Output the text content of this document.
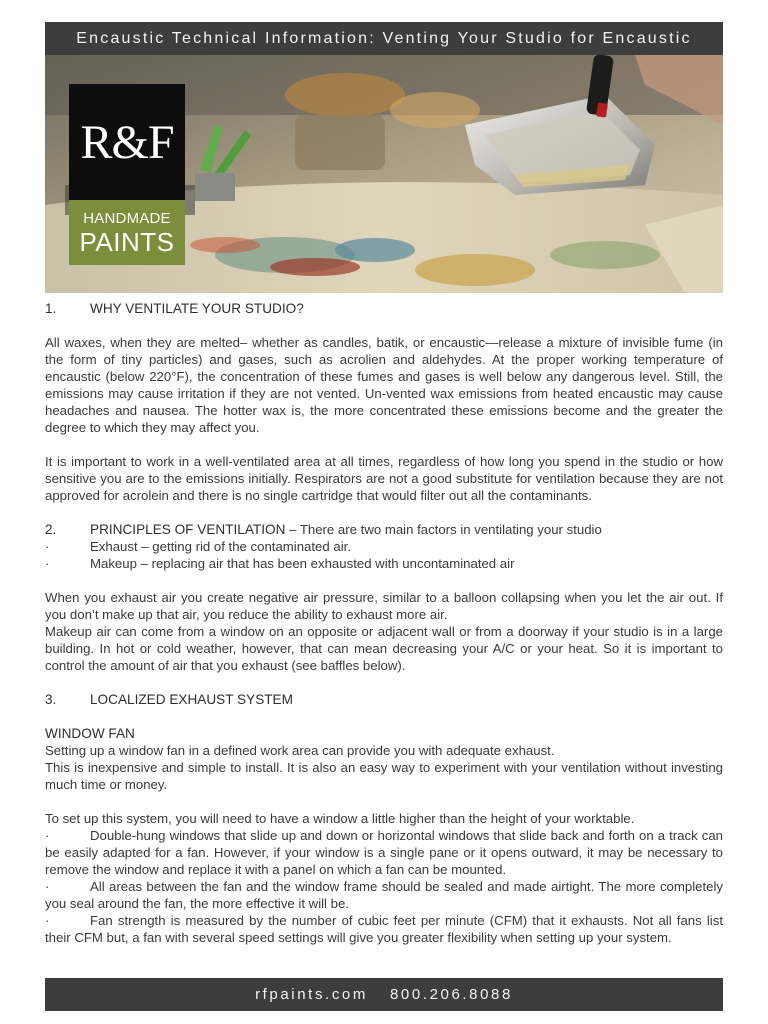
Encaustic Technical Information: Venting Your Studio for Encaustic
R&F
HANDMADE
PAINTS
1.	WHY VENTILATE YOUR STUDIO?

All waxes, when they are melted– whether as candles, batik, or encaustic—release a mixture of invisible fume (in the form of tiny particles) and gases, such as acrolien and aldehydes. At the proper working temperature of encaustic (below 220°F), the concentration of these fumes and gases is well below any dangerous level. Still, the emissions may cause irritation if they are not vented. Un-vented wax emissions from heated encaustic may cause headaches and nausea. The hotter wax is, the more concentrated these emissions become and the greater the degree to which they may affect you.

It is important to work in a well-ventilated area at all times, regardless of how long you spend in the studio or how sensitive you are to the emissions initially. Respirators are not a good substitute for ventilation because they are not approved for acrolein and there is no single cartridge that would filter out all the contaminants.

2.	PRINCIPLES OF VENTILATION – There are two main factors in ventilating your studio
·	Exhaust – getting rid of the contaminated air.
·	Makeup – replacing air that has been exhausted with uncontaminated air

When you exhaust air you create negative air pressure, similar to a balloon collapsing when you let the air out. If you don’t make up that air, you reduce the ability to exhaust more air.

Makeup air can come from a window on an opposite or adjacent wall or from a doorway if your studio is in a large building. In hot or cold weather, however, that can mean decreasing your A/C or your heat. So it is important to control the amount of air that you exhaust (see baffles below).

3.	LOCALIZED EXHAUST SYSTEM

WINDOW FAN

Setting up a window fan in a defined work area can provide you with adequate exhaust.

This is inexpensive and simple to install. It is also an easy way to experiment with your ventilation without investing much time or money.

To set up this system, you will need to have a window a little higher than the height of your worktable.

·	Double-hung windows that slide up and down or horizontal windows that slide back and forth on a track can be easily adapted for a fan. However, if your window is a single pane or it opens outward, it may be necessary to remove the window and replace it with a panel on which a fan can be mounted.

·	All areas between the fan and the window frame should be sealed and made airtight. The more completely you seal around the fan, the more effective it will be.

·	Fan strength is measured by the number of cubic feet per minute (CFM) that it exhausts. Not all fans list their CFM but, a fan with several speed settings will give you greater flexibility when setting up your system.

rfpaints.com 800.206.8088
